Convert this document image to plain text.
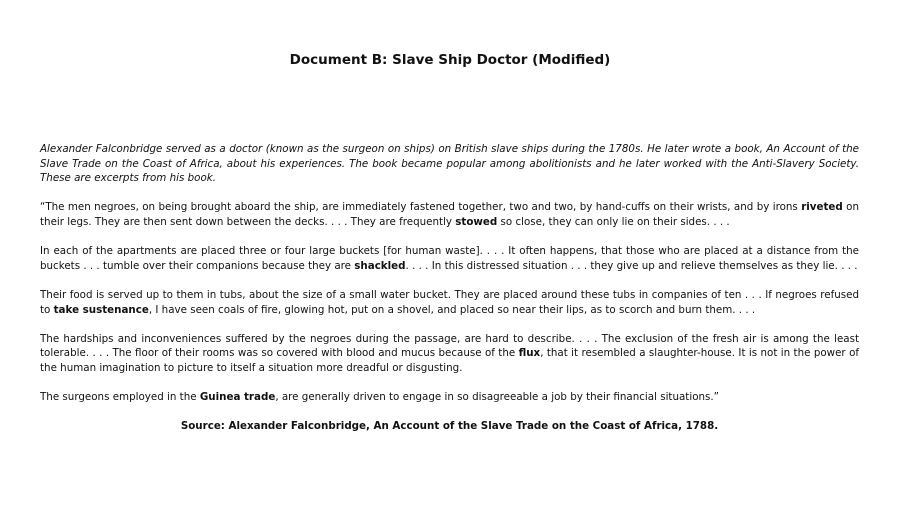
Document B: Slave Ship Doctor (Modified)

Alexander Falconbridge served as a doctor (known as the surgeon on ships) on British slave ships during the 1780s. He later wrote a book, An Account of the Slave Trade on the Coast of Africa, about his experiences. The book became popular among abolitionists and he later worked with the Anti-Slavery Society. These are excerpts from his book.

“The men negroes, on being brought aboard the ship, are immediately fastened together, two and two, by hand-cuffs on their wrists, and by irons riveted on their legs. They are then sent down between the decks. . . . They are frequently stowed so close, they can only lie on their sides. . . .

In each of the apartments are placed three or four large buckets [for human waste]. . . . It often happens, that those who are placed at a distance from the buckets . . . tumble over their companions because they are shackled. . . . In this distressed situation . . . they give up and relieve themselves as they lie. . . .

Their food is served up to them in tubs, about the size of a small water bucket. They are placed around these tubs in companies of ten . . . If negroes refused to take sustenance, I have seen coals of fire, glowing hot, put on a shovel, and placed so near their lips, as to scorch and burn them. . . .

The hardships and inconveniences suffered by the negroes during the passage, are hard to describe. . . . The exclusion of the fresh air is among the least tolerable. . . . The floor of their rooms was so covered with blood and mucus because of the flux, that it resembled a slaughter-house. It is not in the power of the human imagination to picture to itself a situation more dreadful or disgusting.

The surgeons employed in the Guinea trade, are generally driven to engage in so disagreeable a job by their financial situations.”

Source: Alexander Falconbridge, An Account of the Slave Trade on the Coast of Africa, 1788.
